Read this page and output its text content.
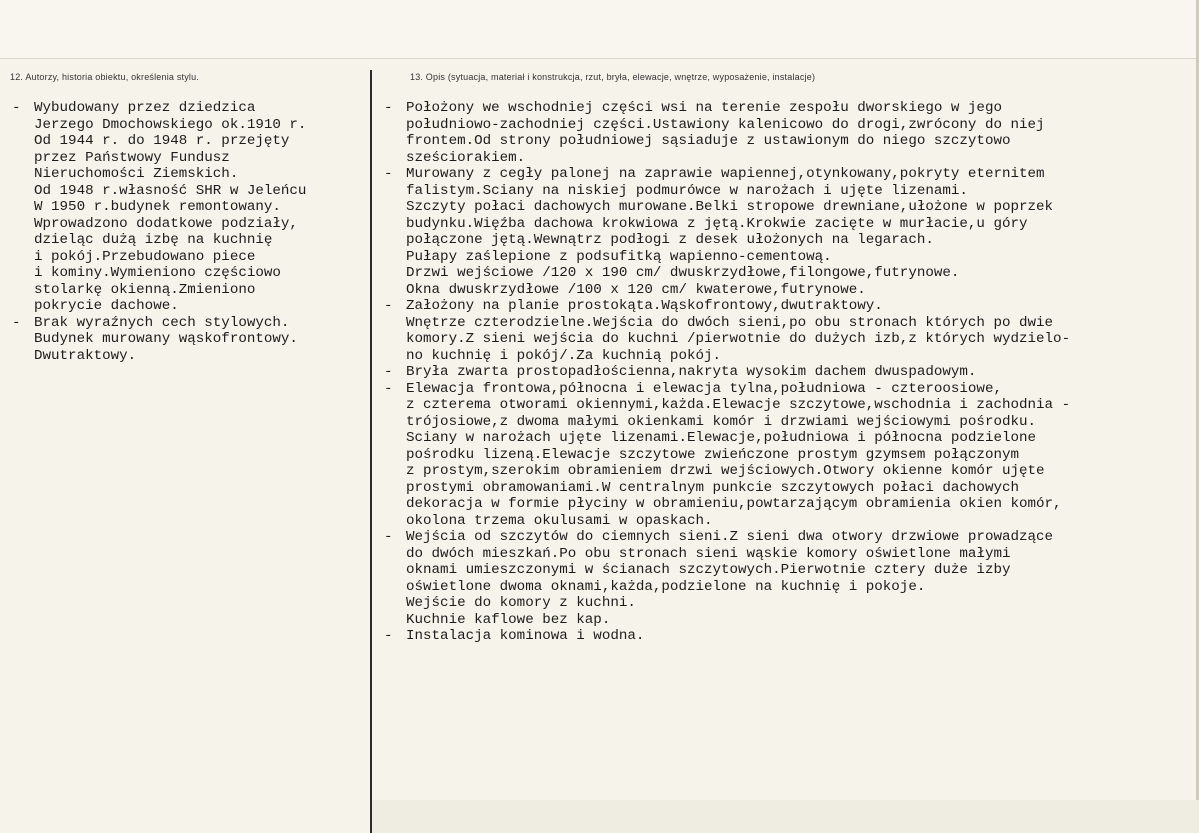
12. Autorzy, historia obiektu, określenia stylu.	13. Opis (sytuacja, materiał i konstrukcja, rzut, bryła, elewacje, wnętrze, wyposażenie, instalacje)
- Wybudowany przez dziedzica
Jerzego Dmochowskiego ok.1910 r.
Od 1944 r. do 1948 r. przejęty
przez Państwowy Fundusz
Nieruchomości Ziemskich.
Od 1948 r.własność SHR w Jeleńcu
W 1950 r.budynek remontowany.
Wprowadzono dodatkowe podziały,
dzieląc dużą izbę na kuchnię
i pokój.Przebudowano piece
i kominy.Wymieniono częściowo
stolarkę okienną.Zmieniono
pokrycie dachowe.
- Brak wyraźnych cech stylowych.
Budynek murowany wąskofrontowy.
Dwutraktowy.
- Położony we wschodniej części wsi na terenie zespołu dworskiego w jego
południowo-zachodniej części.Ustawiony kalenicowo do drogi,zwrócony do niej
frontem.Od strony południowej sąsiaduje z ustawionym do niego szczytowo
sześciorakiem.
- Murowany z cegły palonej na zaprawie wapiennej,otynkowany,pokryty eternitem
falistym.Sciany na niskiej podmurówce w narożach i ujęte lizenami.
Szczyty połaci dachowych murowane.Belki stropowe drewniane,ułożone w poprzek
budynku.Więźba dachowa krokwiowa z jętą.Krokwie zacięte w murłacie,u góry
połączone jętą.Wewnątrz podłogi z desek ułożonych na legarach.
Pułapy zaślepione z podsufitką wapienno-cementową.
Drzwi wejściowe /120 x 190 cm/ dwuskrzydłowe,filongowe,futrynowe.
Okna dwuskrzydłowe /100 x 120 cm/ kwaterowe,futrynowe.
- Założony na planie prostokąta.Wąskofrontowy,dwutraktowy.
Wnętrze czterodzielne.Wejścia do dwóch sieni,po obu stronach których po dwie
komory.Z sieni wejścia do kuchni /pierwotnie do dużych izb,z których wydzielo-
no kuchnię i pokój/.Za kuchnią pokój.
- Bryła zwarta prostopadłościenna,nakryta wysokim dachem dwuspadowym.
- Elewacja frontowa,północna i elewacja tylna,południowa - czteroosiowe,
z czterema otworami okiennymi,każda.Elewacje szczytowe,wschodnia i zachodnia -
trójosiowe,z dwoma małymi okienkami komór i drzwiami wejściowymi pośrodku.
Sciany w narożach ujęte lizenami.Elewacje,południowa i północna podzielone
pośrodku lizeną.Elewacje szczytowe zwieńczone prostym gzymsem połączonym
z prostym,szerokim obramieniem drzwi wejściowych.Otwory okienne komór ujęte
prostymi obramowaniami.W centralnym punkcie szczytowych połaci dachowych
dekoracja w formie płyciny w obramieniu,powtarzającym obramienia okien komór,
okolona trzema okulusami w opaskach.
- Wejścia od szczytów do ciemnych sieni.Z sieni dwa otwory drzwiowe prowadzące
do dwóch mieszkań.Po obu stronach sieni wąskie komory oświetlone małymi
oknami umieszczonymi w ścianach szczytowych.Pierwotnie cztery duże izby
oświetlone dwoma oknami,każda,podzielone na kuchnię i pokoje.
Wejście do komory z kuchni.
Kuchnie kaflowe bez kap.
- Instalacja kominowa i wodna.
